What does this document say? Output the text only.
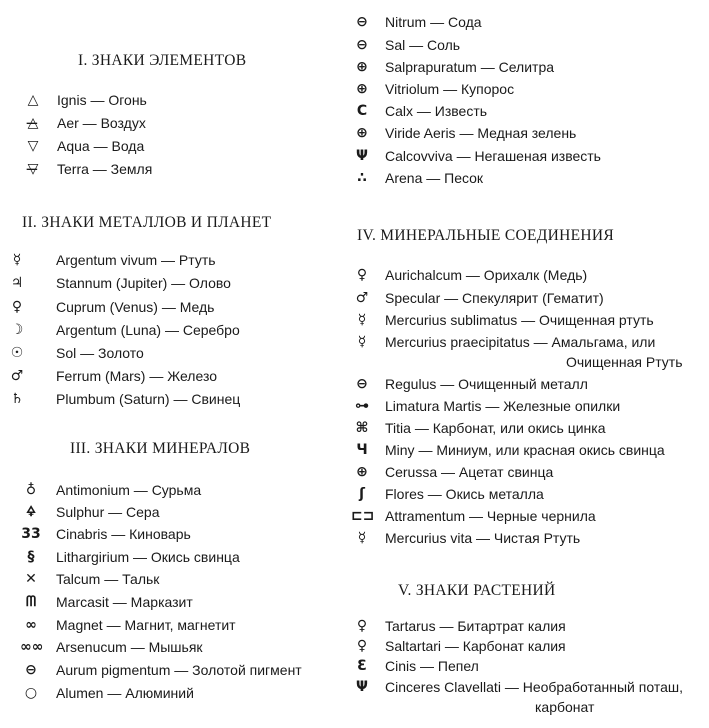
I. ЗНАКИ ЭЛЕМЕНТОВ
△	Ignis — Огонь
△̶	Aer — Воздух
▽	Aqua — Вода
▽̶	Terra — Земля
II. ЗНАКИ МЕТАЛЛОВ И ПЛАНЕТ
☿	Argentum vivum — Ртуть
♃	Stannum (Jupiter) — Олово
♀	Cuprum (Venus) — Медь
☽	Argentum (Luna) — Серебро
☉	Sol — Золото
♂	Ferrum (Mars) — Железо
♄	Plumbum (Saturn) — Свинец
III. ЗНАКИ МИНЕРАЛОВ
♁	Antimonium — Сурьма
🜍	Sulphur — Сера
33 Cinabris — Киноварь
§	Lithargirium — Окись свинца
✕	Talcum — Тальк
ᗰ	Marcasit — Марказит
∞	Magnet — Магнит, магнетит
∞∞ Arsenucum — Мышьяк
⊖	Aurum pigmentum — Золотой пигмент
○	Alumen — Алюминий
⊖	Nitrum — Сода
⊖	Sal — Соль
⊕	Salprapuratum — Селитра
⊕	Vitriolum — Купорос
C	Calx — Известь
⊕	Viride Aeris — Медная зелень
Ψ	Calcovviva — Негашеная известь
∴	Arena — Песок
IV. МИНЕРАЛЬНЫЕ СОЕДИНЕНИЯ
♀	Aurichalcum — Орихалк (Медь)
♂	Specular — Спекулярит (Гематит)
☿	Mercurius sublimatus — Очищенная ртуть
☿	Mercurius praecipitatus — Амальгама, или
Очищенная Ртуть
⊖	Regulus — Очищенный металл
⊶ Limatura Martis — Железные опилки
⌘	Titia — Карбонат, или окись цинка
Ч	Miny — Миниум, или красная окись свинца
⊕	Cerussa — Ацетат свинца
ʃ	Flores — Окись металла
⊏⊐ Attramentum — Черные чернила
☿	Mercurius vita — Чистая Ртуть
V. ЗНАКИ РАСТЕНИЙ
♀	Tartarus — Битартрат калия
♀	Saltartari — Карбонат калия
Ɛ	Cinis — Пепел
Ψ	Cinceres Clavellati — Необработанный поташ,
карбонат
